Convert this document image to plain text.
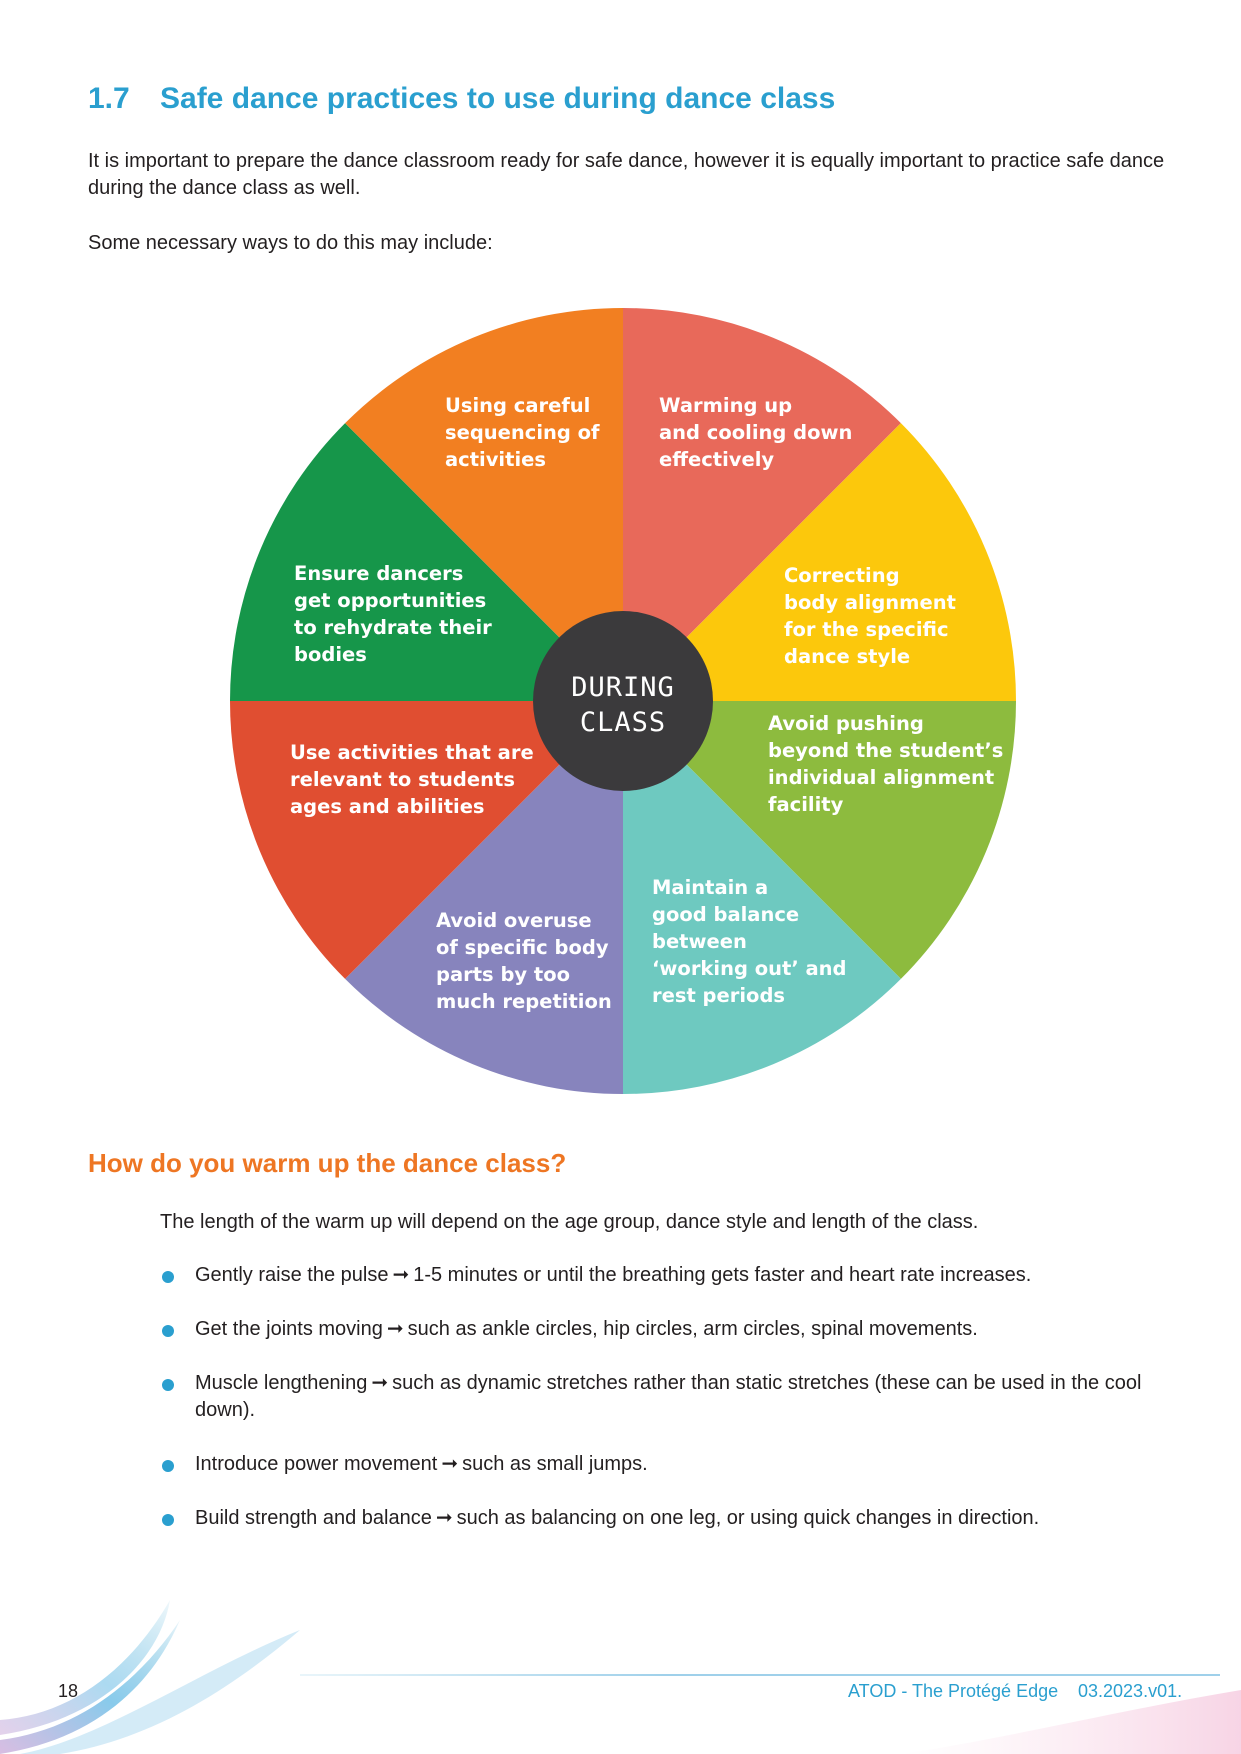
1.7 Safe dance practices to use during dance class

It is important to prepare the dance classroom ready for safe dance, however it is equally important to practice safe dance during the dance class as well.

Some necessary ways to do this may include:

Warming up
and cooling down
effectively

Correcting
body alignment
for the specific
dance style

Avoid pushing
beyond the student’s
individual alignment
facility

Maintain a
good balance
between
‘working out’ and
rest periods

Avoid overuse
of specific body
parts by too
much repetition

Use activities that are
relevant to students
ages and abilities

Ensure dancers
get opportunities
to rehydrate their
bodies

Using careful
sequencing of
activities

DURING
CLASS

How do you warm up the dance class?

The length of the warm up will depend on the age group, dance style and length of the class.

Gently raise the pulse ➞ 1-5 minutes or until the breathing gets faster and heart rate increases.
Get the joints moving ➞ such as ankle circles, hip circles, arm circles, spinal movements.
Muscle lengthening ➞ such as dynamic stretches rather than static stretches (these can be used in the cool down).
Introduce power movement ➞ such as small jumps.
Build strength and balance ➞ such as balancing on one leg, or using quick changes in direction.

18	ATOD - The Protégé Edge 03.2023.v01.
